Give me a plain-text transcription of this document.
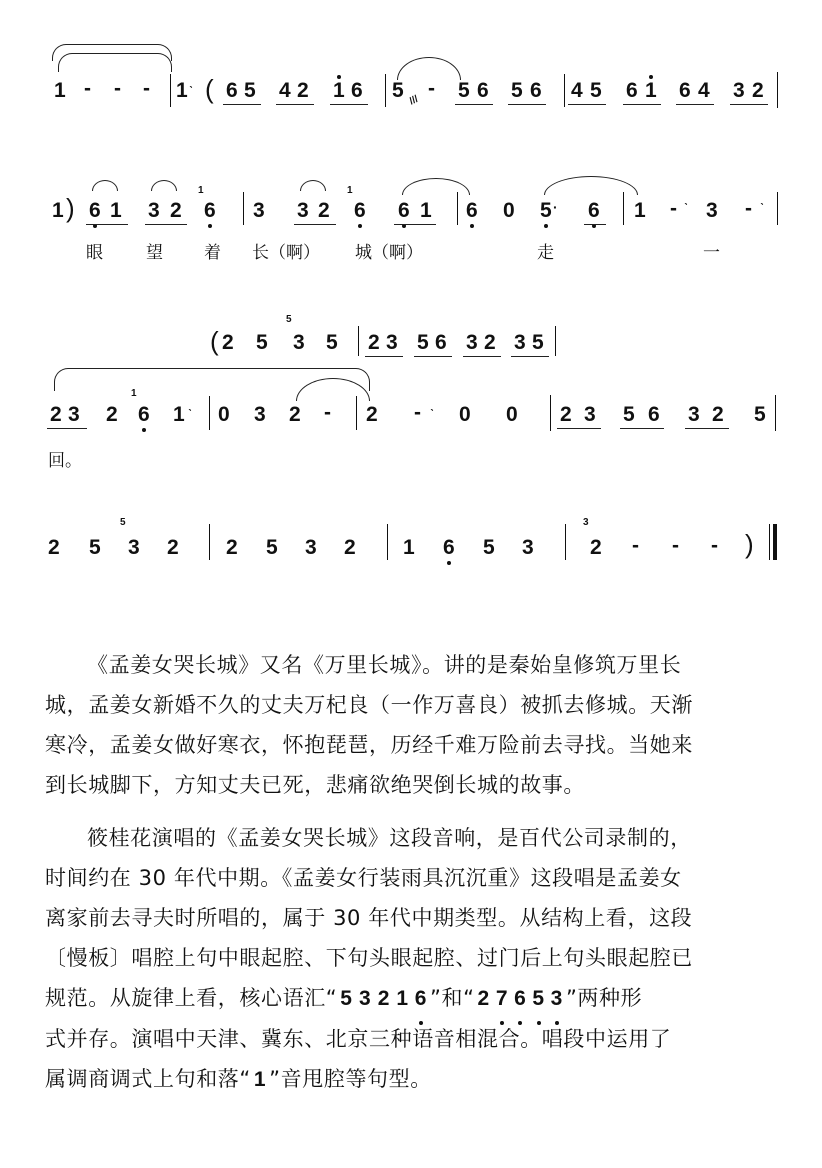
1 - - - 1 ˎ ( 6 5 4 2 1 6 5 ///
- 5 6 5 6 4 5 6 1 6 4 3 2
1 ) 6 1 3 2
1
6 3 3 2
1
6 6 1 6 0 5 · 6 1 - ˎ
3 - ˎ
眼	望 着 长（啊） 城（啊）	走	一
( 2 5
5
3 5 2 3 5 6 3 2 3 5
2 3 2
1
6 1 ˎ 0 3 2 - 2 - ˎ 0 0 2 3 5 6 3 2 5
回。
2 5
5
3 2 2 5 3 2 1 6 5 3
3
2 - - - )

《孟姜女哭长城》又名《万里长城》。讲的是秦始皇修筑万里长

城，孟姜女新婚不久的丈夫万杞良（一作万喜良）被抓去修城。天渐

寒冷，孟姜女做好寒衣，怀抱琵琶，历经千难万险前去寻找。当她来

到长城脚下，方知丈夫已死，悲痛欲绝哭倒长城的故事。

筱桂花演唱的《孟姜女哭长城》这段音响，是百代公司录制的，

时间约在 30 年代中期。《孟姜女行装雨具沉沉重》这段唱是孟姜女

离家前去寻夫时所唱的，属于 30 年代中期类型。从结构上看，这段

〔慢板〕唱腔上句中眼起腔、下句头眼起腔、过门后上句头眼起腔已

规范。从旋律上看，核心语汇“ 5 3 2 16 ”和“ 27 6 5 3 ”两种形

式并存。演唱中天津、冀东、北京三种语音相混合。唱段中运用了

属调商调式上句和落“ 1 ”音甩腔等句型。
